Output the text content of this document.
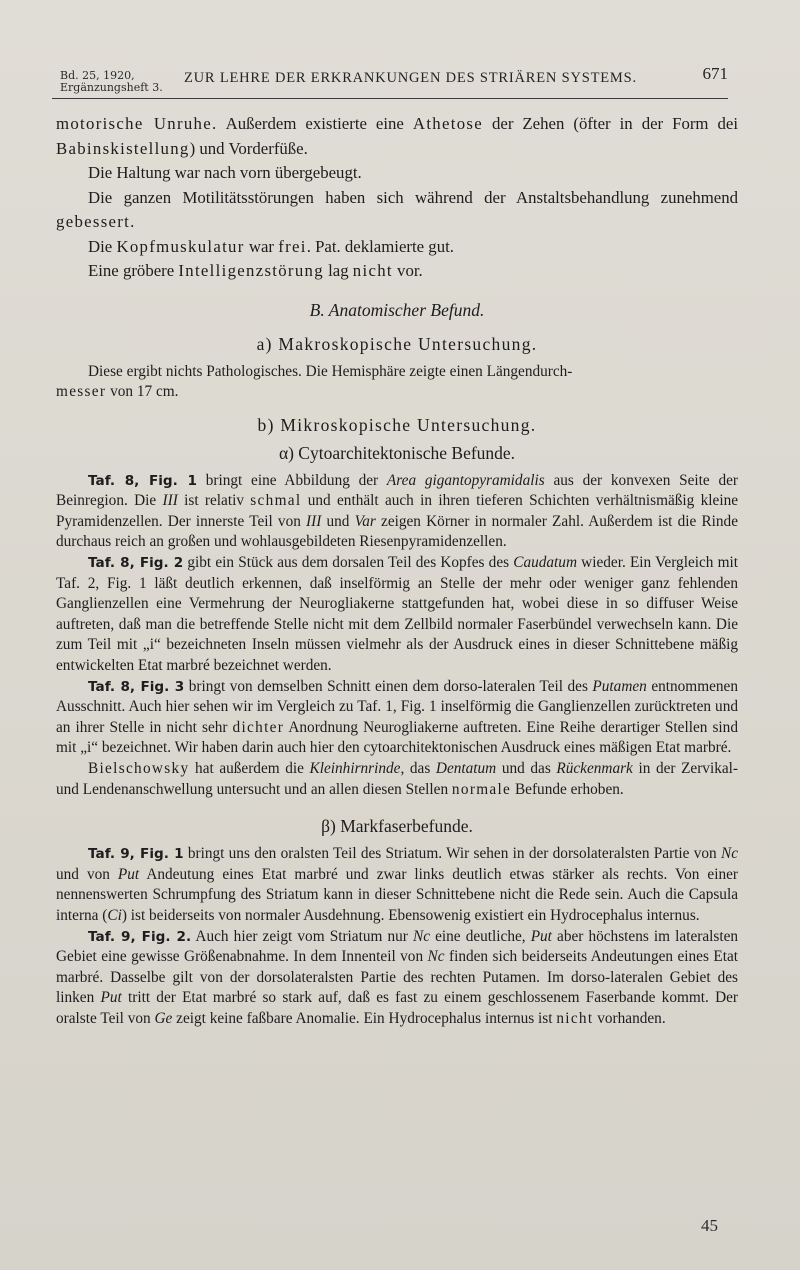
Bd. 25, 1920,
Ergänzungsheft 3.
ZUR LEHRE DER ERKRANKUNGEN DES STRIÄREN SYSTEMS.	671

motorische Unruhe. Außerdem existierte eine Athetose der Zehen (öfter in der Form dei Babinskistellung) und Vorderfüße.

Die Haltung war nach vorn übergebeugt.

Die ganzen Motilitätsstörungen haben sich während der Anstaltsbehandlung zunehmend gebessert.

Die Kopfmuskulatur war frei. Pat. deklamierte gut.

Eine gröbere Intelligenzstörung lag nicht vor.

B. Anatomischer Befund.
a) Makroskopische Untersuchung.

Diese ergibt nichts Pathologisches. Die Hemisphäre zeigte einen Längendurch-

messer von 17 cm.

b) Mikroskopische Untersuchung.
α) Cytoarchitektonische Befunde.

Taf. 8, Fig. 1 bringt eine Abbildung der Area gigantopyramidalis aus der konvexen Seite der Beinregion. Die III ist relativ schmal und enthält auch in ihren tieferen Schichten verhältnismäßig kleine Pyramidenzellen. Der innerste Teil von III und Var zeigen Körner in normaler Zahl. Außerdem ist die Rinde durchaus reich an großen und wohlausgebildeten Riesenpyramidenzellen.

Taf. 8, Fig. 2 gibt ein Stück aus dem dorsalen Teil des Kopfes des Caudatum wieder. Ein Vergleich mit Taf. 2, Fig. 1 läßt deutlich erkennen, daß inselförmig an Stelle der mehr oder weniger ganz fehlenden Ganglienzellen eine Vermehrung der Neurogliakerne stattgefunden hat, wobei diese in so diffuser Weise auftreten, daß man die betreffende Stelle nicht mit dem Zellbild normaler Faserbündel verwechseln kann. Die zum Teil mit „i“ bezeichneten Inseln müssen vielmehr als der Ausdruck eines in dieser Schnittebene mäßig entwickelten Etat marbré bezeichnet werden.

Taf. 8, Fig. 3 bringt von demselben Schnitt einen dem dorso-lateralen Teil des Putamen entnommenen Ausschnitt. Auch hier sehen wir im Vergleich zu Taf. 1, Fig. 1 inselförmig die Ganglienzellen zurücktreten und an ihrer Stelle in nicht sehr dichter Anordnung Neurogliakerne auftreten. Eine Reihe derartiger Stellen sind mit „i“ bezeichnet. Wir haben darin auch hier den cytoarchitektonischen Ausdruck eines mäßigen Etat marbré.

Bielschowsky hat außerdem die Kleinhirnrinde, das Dentatum und das Rückenmark in der Zervikal- und Lendenanschwellung untersucht und an allen diesen Stellen normale Befunde erhoben.

β) Markfaserbefunde.

Taf. 9, Fig. 1 bringt uns den oralsten Teil des Striatum. Wir sehen in der dorsolateralsten Partie von Nc und von Put Andeutung eines Etat marbré und zwar links deutlich etwas stärker als rechts. Von einer nennenswerten Schrumpfung des Striatum kann in dieser Schnittebene nicht die Rede sein. Auch die Capsula interna (Ci) ist beiderseits von normaler Ausdehnung. Ebensowenig existiert ein Hydrocephalus internus.

Taf. 9, Fig. 2. Auch hier zeigt vom Striatum nur Nc eine deutliche, Put aber höchstens im lateralsten Gebiet eine gewisse Größenabnahme. In dem Innenteil von Nc finden sich beiderseits Andeutungen eines Etat marbré. Dasselbe gilt von der dorsolateralsten Partie des rechten Putamen. Im dorso-lateralen Gebiet des linken Put tritt der Etat marbré so stark auf, daß es fast zu einem geschlossenem Faserbande kommt. Der oralste Teil von Ge zeigt keine faßbare Anomalie. Ein Hydrocephalus internus ist nicht vorhanden.

45
